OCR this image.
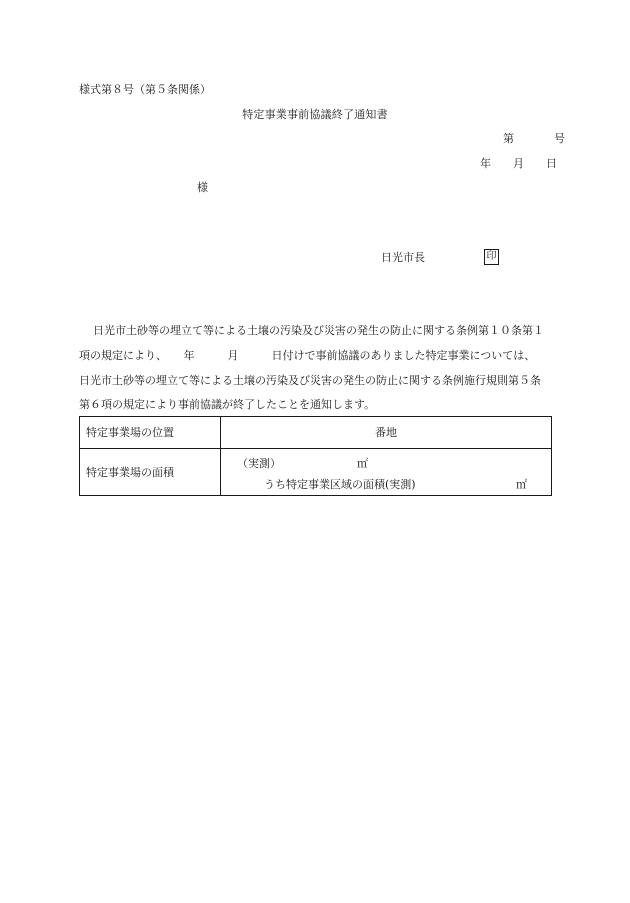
様式第８号（第５条関係）
特定事業事前協議終了通知書
第	号
年 月 日
様
日光市長	印
日光市土砂等の埋立て等による土壌の汚染及び災害の発生の防止に関する条例第１０条第１
項の規定により、　　年　　　月　　　日付けで事前協議のありました特定事業については、
日光市土砂等の埋立て等による土壌の汚染及び災害の発生の防止に関する条例施行規則第５条
第６項の規定により事前協議が終了したことを通知します。
特定事業場の位置	番地
特定事業場の面積	（実測） ㎡
うち特定事業区域の面積(実測) ㎡
